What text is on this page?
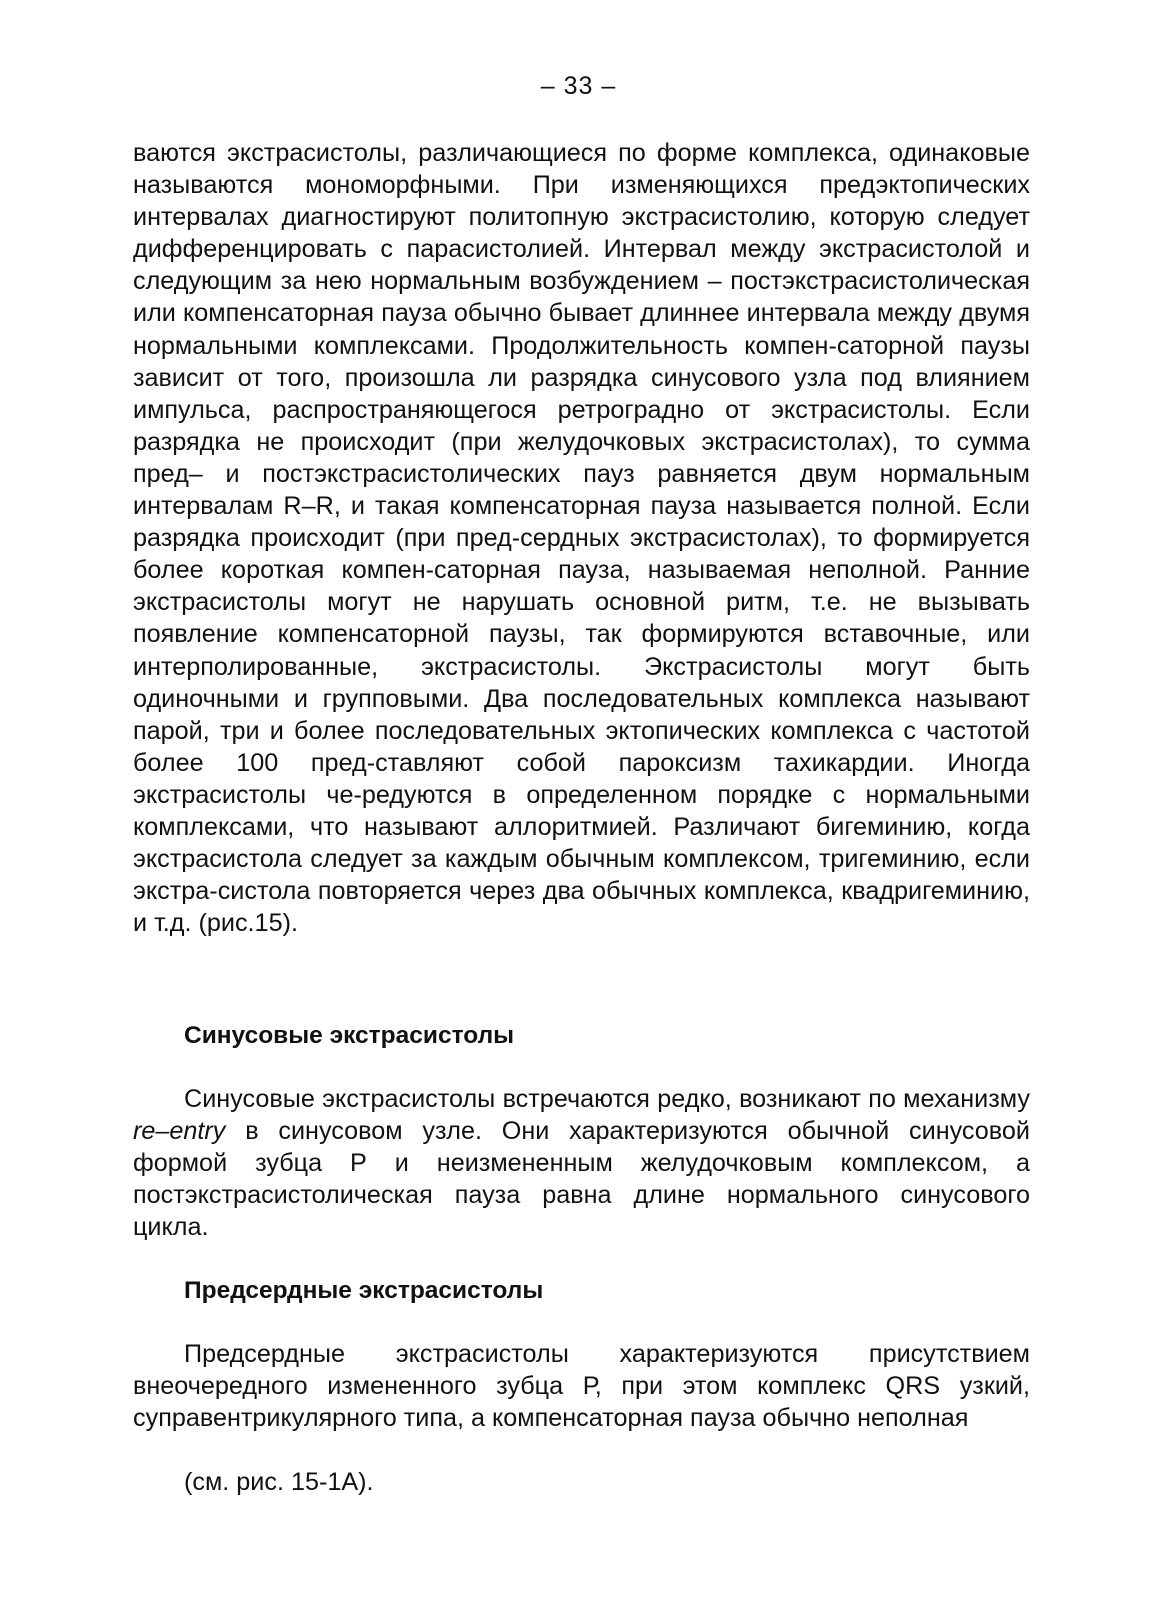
– 33 –

ваются экстрасистолы, различающиеся по форме комплекса, одинаковые называются мономорфными. При изменяющихся предэктопических интервалах диагностируют политопную экстрасистолию, которую следует дифференцировать с парасистолией. Интервал между экстрасистолой и следующим за нею нормальным возбуждением – постэкстрасистолическая или компенсаторная пауза обычно бывает длиннее интервала между двумя нормальными комплексами. Продолжительность компен-саторной паузы зависит от того, произошла ли разрядка синусового узла под влиянием импульса, распространяющегося ретроградно от экстрасистолы. Если разрядка не происходит (при желудочковых экстрасистолах), то сумма пред– и постэкстрасистолических пауз равняется двум нормальным интервалам R–R, и такая компенсаторная пауза называется полной. Если разрядка происходит (при пред-сердных экстрасистолах), то формируется более короткая компен-саторная пауза, называемая неполной. Ранние экстрасистолы могут не нарушать основной ритм, т.е. не вызывать появление компенсаторной паузы, так формируются вставочные, или интерполированные, экстрасистолы. Экстрасистолы могут быть одиночными и групповыми. Два последовательных комплекса называют парой, три и более последовательных эктопических комплекса с частотой более 100 пред-ставляют собой пароксизм тахикардии. Иногда экстрасистолы че-редуются в определенном порядке с нормальными комплексами, что называют аллоритмией. Различают бигеминию, когда экстрасистола следует за каждым обычным комплексом, тригеминию, если экстра-систола повторяется через два обычных комплекса, квадригеминию, и т.д. (рис.15).

Синусовые экстрасистолы

Синусовые экстрасистолы встречаются редко, возникают по механизму re–entry в синусовом узле. Они характеризуются обычной синусовой формой зубца Р и неизмененным желудочковым комплексом, а постэкстрасистолическая пауза равна длине нормального синусового цикла.

Предсердные экстрасистолы

Предсердные экстрасистолы характеризуются присутствием внеочередного измененного зубца Р, при этом комплекс QRS узкий, суправентрикулярного типа, а компенсаторная пауза обычно неполная

(см. рис. 15-1А).
